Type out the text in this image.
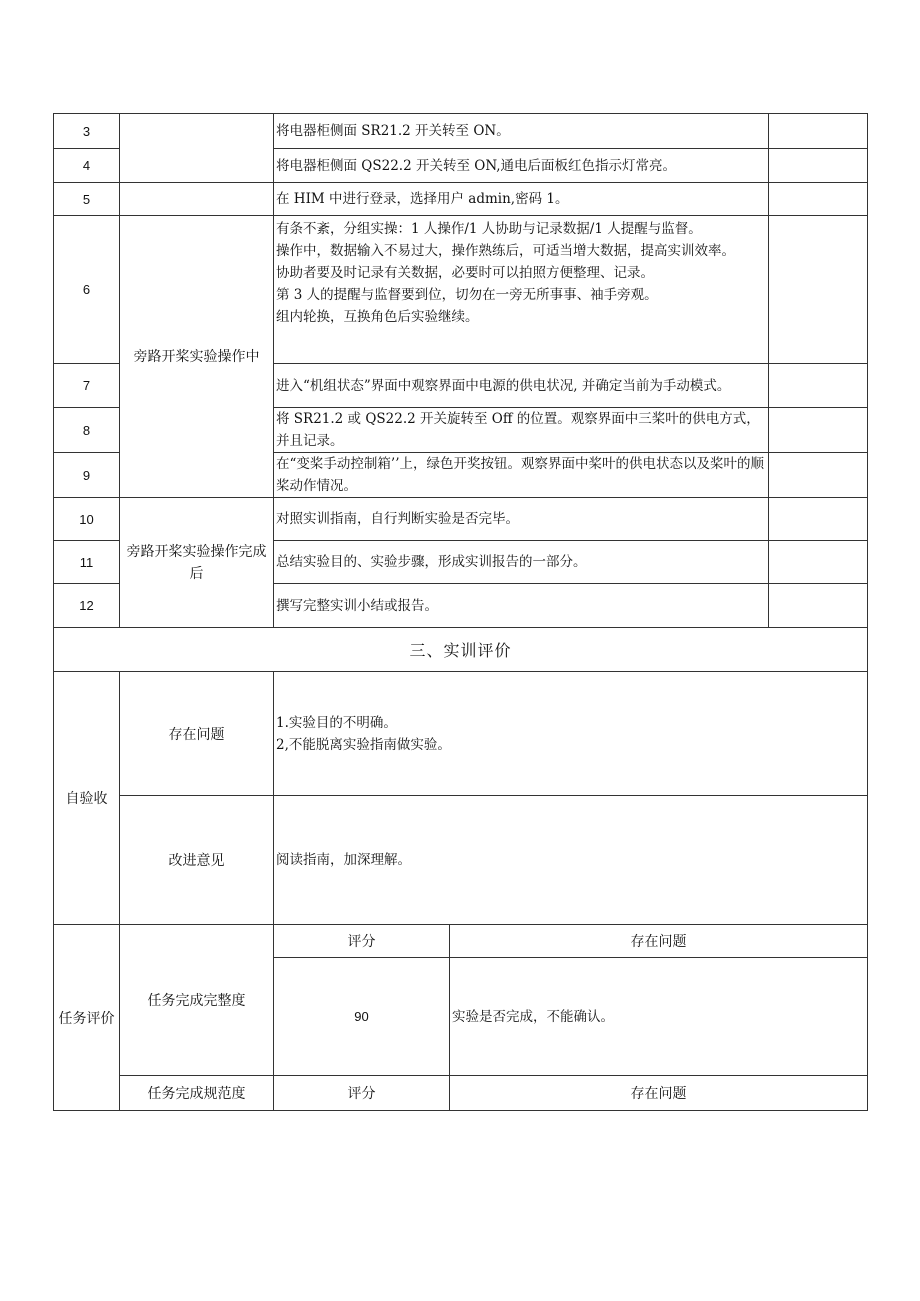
3		将电器柜侧面 SR21.2 开关转至 ON。		
4		将电器柜侧面 QS22.2 开关转至 ON,通电后面板红色指示灯常亮。		
5		在 HIM 中进行登录，选择用户 admin,密码 1。		
6	旁路开桨实验操作中	有条不紊，分组实操：1 人操作/1 人协助与记录数据/1 人提醒与监督。

操作中，数据输入不易过大，操作熟练后，可适当增大数据，提高实训效率。

协助者要及时记录有关数据，必要时可以拍照方便整理、记录。

第 3 人的提醒与监督要到位，切勿在一旁无所事事、袖手旁观。

组内轮换，互换角色后实验继续。		

7		进入“机组状态”界面中观察界面中电源的供电状况, 并确定当前为手动模式。		
8		将 SR21.2 或 QS22.2 开关旋转至 Off 的位置。观察界面中三桨叶的供电方式，并且记录。		
9		在“变桨手动控制箱’’上，绿色开奖按钮。观察界面中桨叶的供电状态以及桨叶的顺桨动作情况。		
10	旁路开桨实验操作完成后	对照实训指南，自行判断实验是否完毕。		
11		总结实验目的、实验步骤，形成实训报告的一部分。		
12		撰写完整实训小结或报告。		
三、实训评价				
自验收	存在问题	1.实验目的不明确。

2,不能脱离实验指南做实验。		

	改进意见	阅读指南，加深理解。		
任务评价	任务完成完整度	评分	存在问题	
		90	实验是否完成，不能确认。	
	任务完成规范度	评分	存在问题	
